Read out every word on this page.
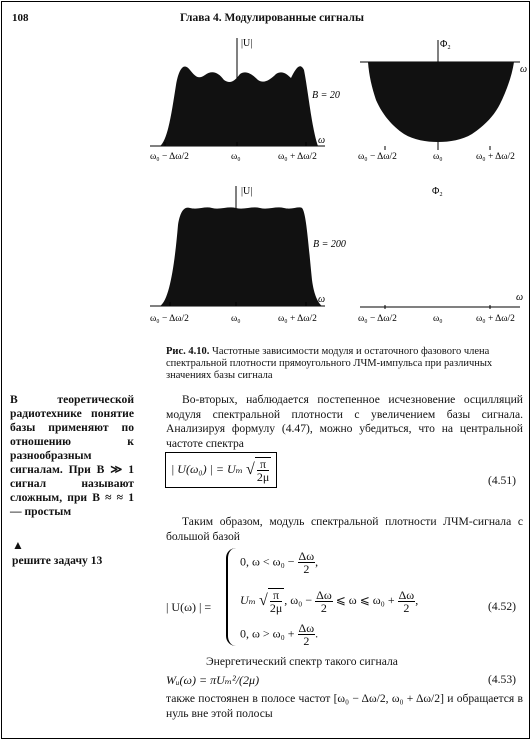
108	Глава 4. Модулированные сигналы
|U|
B = 20
ω
ω₀ − Δω/2	ω₀	ω₀ + Δω/2
Φ₂
ω
ω₀ − Δω/2	ω₀	ω₀ + Δω/2
|U|
B = 200
ω
ω₀ − Δω/2	ω₀	ω₀ + Δω/2
Φ₂
ω
ω₀ − Δω/2	ω₀	ω₀ + Δω/2
Рис. 4.10. Частотные зависимости модуля и остаточного фазового члена спектральной плотности прямоугольного ЛЧМ-импульса при различных значениях базы сигнала
В теоретической радиотехнике понятие базы применяют по отношению к разнообразным сигналам. При B ≫ 1 сигнал называют сложным, при B ≈ ≈ 1 — простым
▲
решите задачу 13
Во-вторых, наблюдается постепенное исчезновение осцилляций модуля спектральной плотности с увеличением базы сигнала. Анализируя формулу (4.47), можно убедиться, что на центральной частоте спектра
| U(ω₀) | = Uₘ √ $\frac{\pi}{2\mu}$	(4.51)
Таким образом, модуль спектральной плотности ЛЧМ-сигнала с большой базой
| U(ω) | =
0, $\omega < \omega_0 - \frac{\Delta\omega}{2}$ ,
Uₘ √ $\frac{\pi}{2\mu}$ , $\omega_0 - \frac{\Delta\omega}{2}$ ⩽ ω ⩽ $\omega_0 + \frac{\Delta\omega}{2}$ ,
0, $\omega > \omega_0 + \frac{\Delta\omega}{2}$ .
(4.52)
Энергетический спектр такого сигнала
Wᵤ(ω) = πUₘ²/(2μ)	(4.53)
также постоянен в полосе частот [ω₀ − Δω/2, ω₀ + Δω/2] и обращается в нуль вне этой полосы
